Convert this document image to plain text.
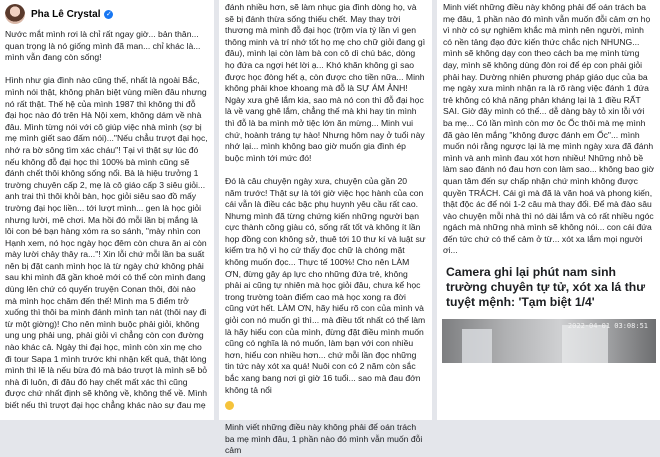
Pha Lê Crystal ✓

Nước mắt mình rơi là chỉ rất ngay giờ... bản thân... quan trọng là nó giống mình đã man... chỉ khác là... mình vẫn đang còn sống!

Hình như gia đình nào cũng thế, nhất là ngoài Bắc, mình nói thật, không phân biệt vùng miền đâu nhưng nó rất thật. Thế hệ của mình 1987 thì không thi đỗ đại học nào đó trên Hà Nội xem, không dám về nhà đâu. Mình từng nói với cô giúp việc nhà mình (sợ bị mẹ mình giết sao đấm nói)..."Nếu chẳu trượt đại học, nhớ ra bờ sông tìm xác cháu"! Tại vì thật sự lúc đó nếu không đỗ đại học thì 100% bà mình cũng sẽ đánh chết thôi không sống nổi. Bà là hiệu trưởng 1 trường chuyên cấp 2, mẹ là cô giáo cấp 3 siêu giỏi... anh trai thì thôi khỏi bàn, học giỏi siêu sao đồ mấy trường đại học liền... tới lượt mình... gen là học giỏi nhưng lười, mê chơi. Ma hồi đó mỗi lần bị mắng là lôi con bé bạn hàng xóm ra so sánh, "mày nhìn con Hạnh xem, nó học ngày học đêm còn chưa ăn ai còn mày lười chảy thây ra..."! Xin lỗi chứ mỗi lần ba suất nên bị đặt canh mình học là từ ngày chứ không phải sau khi mình đã gần khoẻ mới có thể còn mình đang dùng lên chứ có quyển truyện Conan thôi, đòi nào mà mình học chăm đến thế! Mình ma 5 điểm trở xuống thì thôi ba mình đánh mình tan nát (thôi nay đi từ một giờng)! Cho nên mình buộc phải giỏi, không ung ung phải ung, phải giỏi vì chẳng còn con đường nào khác cả. Ngày thi đại học, mình còn xin mẹ cho đi tour Sapa 1 mình trước khi nhận kết quả, thật lòng mình thì lẽ là nếu bừa đó mà báo trượt là mình sẽ bỏ nhà đi luôn, đi đâu đó hay chết mất xác thì cũng được chứ nhất định sẽ không về, không thể về. Mình biết nếu thì trượt đại học chẳng khác nào sự đau mẹ

đánh nhiều hơn, sẽ làm nhục gia đình dòng họ, và sẽ bị đánh thừa sống thiếu chết. May thay trời thương mà mình đỗ đại học (trộm vía tý lần vì gen thông minh và trí nhớ tốt họ mẹ cho chữ giỏi đang gì đâu), mình lại còn làm bà con cô dì chú bác, dòng họ đứa ca ngợi hét lời ạ... Khó khăn không gì sao được học đòng hết ạ, còn được cho tiền nữa... Minh không phải khoe khoang mà đỗ là SỰ ÁM ẢNH! Ngày xưa ghê lắm kia, sao mà nó con thì đỗ đại học là về vang ghê lắm, chẳng thế mà khi hay tin mình thì đỗ là ba mình mở tiệc lớn ăn mừng... Minh vui chứ, hoành tráng tự hào! Nhưng hôm nay ở tuổi này nhớ lại... mình không bao giờ muốn gia đình ép buộc mình tới mức đó!

Đó là câu chuyện ngày xưa, chuyện của gần 20 năm trước! Thật sự là tới giờ việc học hành của con cái vẫn là điều các bậc phụ huynh yêu cầu rất cao. Nhưng mình đã từng chứng kiến những người bạn cực thành công giàu có, sống rất tốt và không ít lần họp đồng con không sở, thuê tới 10 thư kí và luật sư kiểm tra hộ vì họ cứ thấy đọc chữ là chóng mặt không muốn đọc... Thực tế 100%! Cho nên LÀM ƠN, đừng gây áp lực cho những đứa trẻ, không phải ai cũng tự nhiên mà học giỏi đâu, chưa kể học trong trường toàn điểm cao mà học xong ra đời cũng vứt hết. LÀM ƠN, hãy hiểu rõ con của mình và giỏi con nó muốn gì thì... mà điều tốt nhất có thể làm là hãy hiểu con của mình, đừng đặt điều mình muốn cũng có nghĩa là nó muốn, làm bạn với con nhiều hơn, hiểu con nhiều hơn... chứ mỗi lần đọc những tin tức này xót xa quá! Nuôi con có 2 năm còn sắc bắc xang bang nơi gì giờ 16 tuổi... sao mà đau đớn không tả nổi

Minh viết những điều này không phải để oán trách ba mẹ mình đâu, 1 phần nào đó mình vẫn muốn đỗi cảm

Minh viết những điều này không phải để oán trách ba mẹ đâu, 1 phần nào đó mình vẫn muốn đỗi cảm ơn họ vì nhờ có sự nghiêm khắc mà mình nên người, mình có nền tảng đạo đức kiến thức chắc nịch NHUNG... mình sẽ không dạy con theo cách ba mẹ mình từng dạy, mình sẽ không dùng đòn roi để ép con phải giỏi phải hay. Dường nhiên phương pháp giáo dục của ba mẹ ngày xưa mình nhận ra là rõ ràng việc đánh 1 đứa trẻ không có khả năng phản kháng lại là 1 điều RẤT SAI. Giờ đây mình có thể... dễ dàng bày tỏ xin lỗi với ba mẹ... Có lần mình còn mơ ôc Ốc thôi mà mẹ mình đã gào lên mắng "không được đánh em Ốc"... mình muốn nói rằng ngược lại là mẹ mình ngày xưa đã đánh mình và anh mình đau xót hơn nhiều! Những nhỏ bề làm sao đánh nó đau hơn con làm sao... không bao giờ quan tâm đến sự chấp nhận chứ mình không được quyền TRÁCH. Cái gì mà đã là văn hoá và phong kiến, thật độc ác để nói 1-2 câu mà thay đổi. Để mà đào sâu vào chuyện mỗi nhà thì nó dài lắm và có rất nhiều ngóc ngách mà những nhà mình sẽ không nói... con cái đứa đến tức chứ có thể cảm ở từ... xót xa lắm mọi người ơi...

Camera ghi lại phút nam sinh trường chuyên tự tử, xót xa lá thư tuyệt mệnh: 'Tạm biệt 1/4'

2022-04-01 03:08:51
